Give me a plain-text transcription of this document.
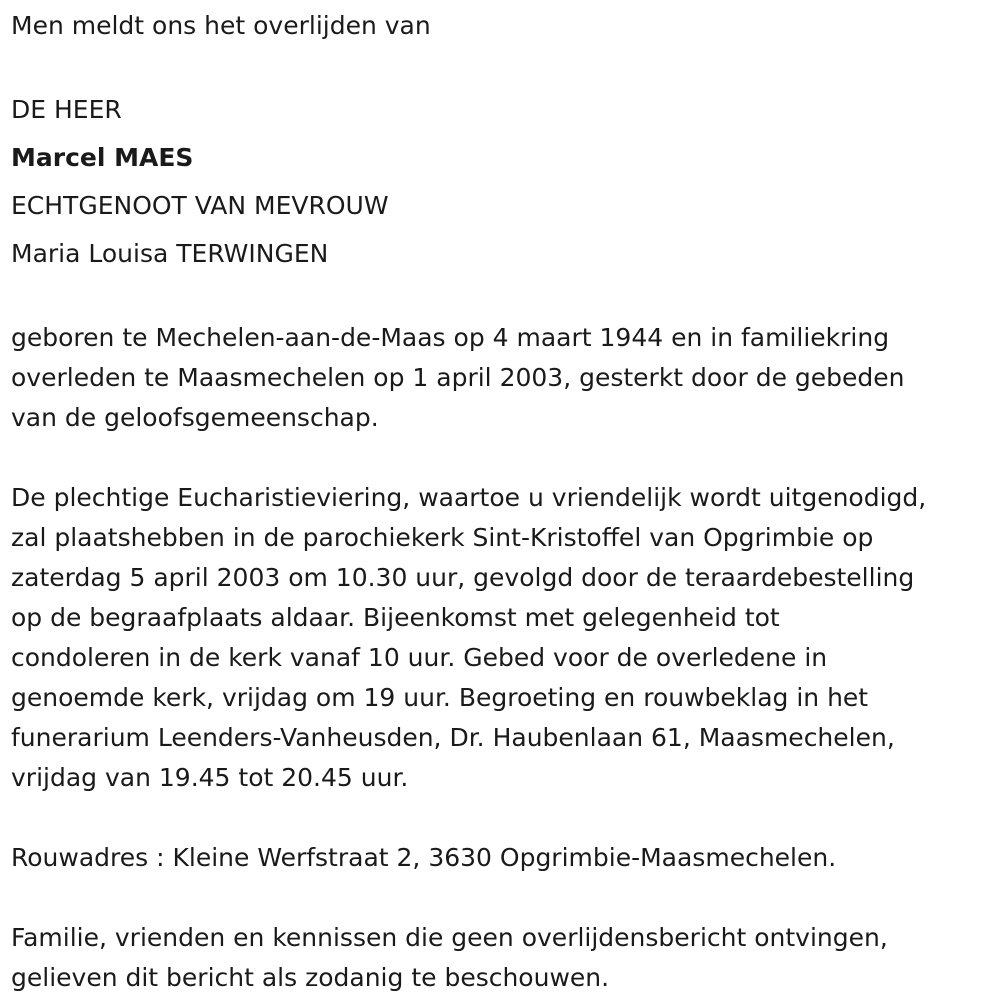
Men meldt ons het overlijden van

DE HEER

Marcel MAES

ECHTGENOOT VAN MEVROUW

Maria Louisa TERWINGEN

geboren te Mechelen-aan-de-Maas op 4 maart 1944 en in familiekring

overleden te Maasmechelen op 1 april 2003, gesterkt door de gebeden

van de geloofsgemeenschap.

De plechtige Eucharistieviering, waartoe u vriendelijk wordt uitgenodigd,

zal plaatshebben in de parochiekerk Sint-Kristoffel van Opgrimbie op

zaterdag 5 april 2003 om 10.30 uur, gevolgd door de teraardebestelling

op de begraafplaats aldaar. Bijeenkomst met gelegenheid tot

condoleren in de kerk vanaf 10 uur. Gebed voor de overledene in

genoemde kerk, vrijdag om 19 uur. Begroeting en rouwbeklag in het

funerarium Leenders-Vanheusden, Dr. Haubenlaan 61, Maasmechelen,

vrijdag van 19.45 tot 20.45 uur.

Rouwadres : Kleine Werfstraat 2, 3630 Opgrimbie-Maasmechelen.

Familie, vrienden en kennissen die geen overlijdensbericht ontvingen,

gelieven dit bericht als zodanig te beschouwen.
